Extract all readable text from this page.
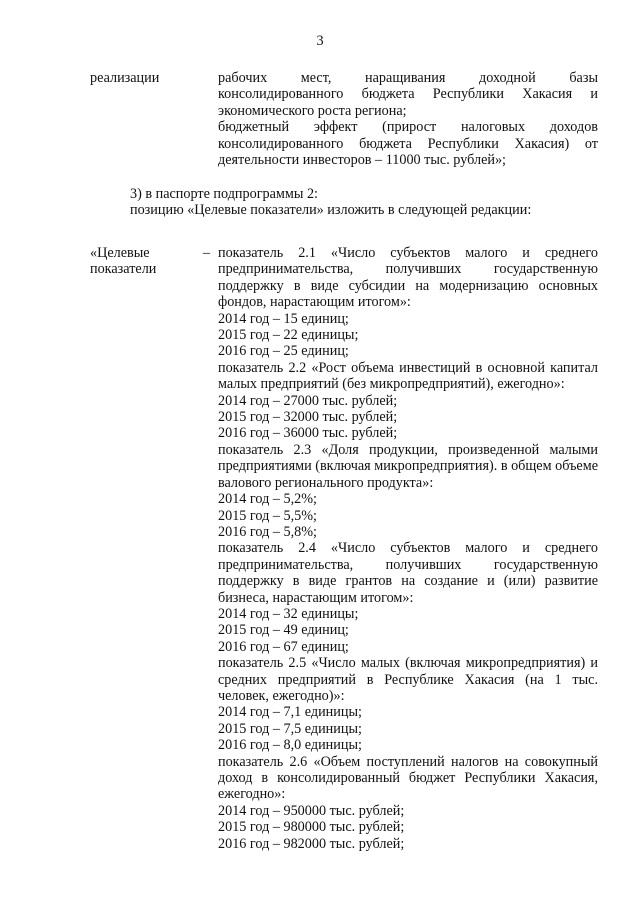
3
реализации	рабочих мест, наращивания доходной базы

консолидированного бюджета Республики Хакасия и

экономического роста региона;

бюджетный эффект (прирост налоговых доходов

консолидированного бюджета Республики Хакасия) от

деятельности инвесторов – 11000 тыс. рублей»;

3) в паспорте подпрограммы 2:

позицию «Целевые показатели» изложить в следующей редакции:

«Целевые
показатели
– показатель 2.1 «Число субъектов малого и среднего

предпринимательства, получивших государственную

поддержку в виде субсидии на модернизацию основных

фондов, нарастающим итогом»:

2014 год – 15 единиц;

2015 год – 22 единицы;

2016 год – 25 единиц;

показатель 2.2 «Рост объема инвестиций в основной капитал

малых предприятий (без микропредприятий), ежегодно»:

2014 год – 27000 тыс. рублей;

2015 год – 32000 тыс. рублей;

2016 год – 36000 тыс. рублей;

показатель 2.3 «Доля продукции, произведенной малыми

предприятиями (включая микропредприятия). в общем объеме

валового регионального продукта»:

2014 год – 5,2%;

2015 год – 5,5%;

2016 год – 5,8%;

показатель 2.4 «Число субъектов малого и среднего

предпринимательства, получивших государственную

поддержку в виде грантов на создание и (или) развитие

бизнеса, нарастающим итогом»:

2014 год – 32 единицы;

2015 год – 49 единиц;

2016 год – 67 единиц;

показатель 2.5 «Число малых (включая микропредприятия) и

средних предприятий в Республике Хакасия (на 1 тыс.

человек, ежегодно)»:

2014 год – 7,1 единицы;

2015 год – 7,5 единицы;

2016 год – 8,0 единицы;

показатель 2.6 «Объем поступлений налогов на совокупный

доход в консолидированный бюджет Республики Хакасия,

ежегодно»:

2014 год – 950000 тыс. рублей;

2015 год – 980000 тыс. рублей;

2016 год – 982000 тыс. рублей;
